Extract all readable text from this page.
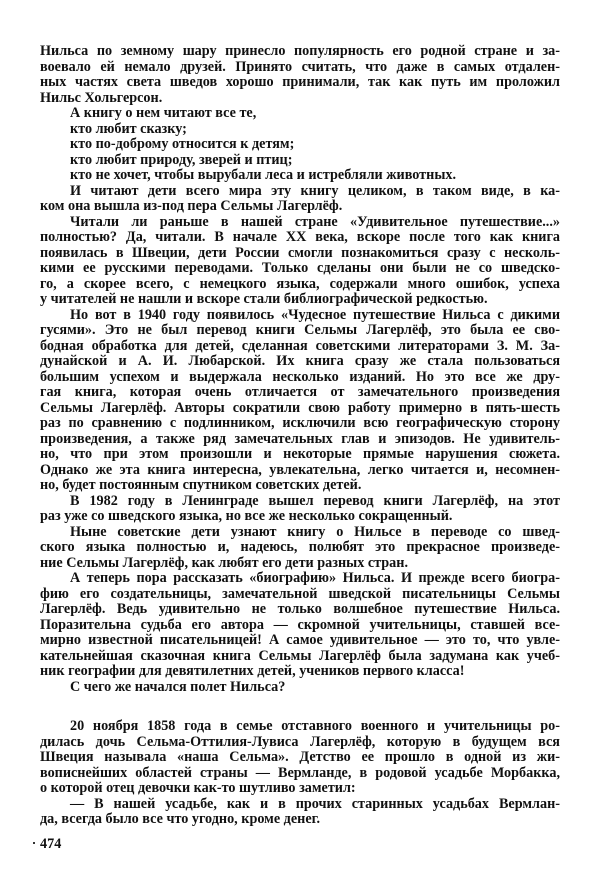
Нильса по земному шару принесло популярность его родной стране и за-
воевало ей немало друзей. Принято считать, что даже в самых отдален-
ных частях света шведов хорошо принимали, так как путь им проложил
Нильс Хольгерсон.
А книгу о нем читают все те,
кто любит сказку;
кто по-доброму относится к детям;
кто любит природу, зверей и птиц;
кто не хочет, чтобы вырубали леса и истребляли животных.
И читают дети всего мира эту книгу целиком, в таком виде, в ка-
ком она вышла из-под пера Сельмы Лагерлёф.
Читали ли раньше в нашей стране «Удивительное путешествие...»
полностью? Да, читали. В начале XX века, вскоре после того как книга
появилась в Швеции, дети России смогли познакомиться сразу с несколь-
кими ее русскими переводами. Только сделаны они были не со шведско-
го, а скорее всего, с немецкого языка, содержали много ошибок, успеха
у читателей не нашли и вскоре стали библиографической редкостью.
Но вот в 1940 году появилось «Чудесное путешествие Нильса с дикими
гусями». Это не был перевод книги Сельмы Лагерлёф, это была ее сво-
бодная обработка для детей, сделанная советскими литераторами З. М. За-
дунайской и А. И. Любарской. Их книга сразу же стала пользоваться
большим успехом и выдержала несколько изданий. Но это все же дру-
гая книга, которая очень отличается от замечательного произведения
Сельмы Лагерлёф. Авторы сократили свою работу примерно в пять-шесть
раз по сравнению с подлинником, исключили всю географическую сторону
произведения, а также ряд замечательных глав и эпизодов. Не удивитель-
но, что при этом произошли и некоторые прямые нарушения сюжета.
Однако же эта книга интересна, увлекательна, легко читается и, несомнен-
но, будет постоянным спутником советских детей.
В 1982 году в Ленинграде вышел перевод книги Лагерлёф, на этот
раз уже со шведского языка, но все же несколько сокращенный.
Ныне советские дети узнают книгу о Нильсе в переводе со швед-
ского языка полностью и, надеюсь, полюбят это прекрасное произведе-
ние Сельмы Лагерлёф, как любят его дети разных стран.
А теперь пора рассказать «биографию» Нильса. И прежде всего биогра-
фию его создательницы, замечательной шведской писательницы Сельмы
Лагерлёф. Ведь удивительно не только волшебное путешествие Нильса.
Поразительна судьба его автора — скромной учительницы, ставшей все-
мирно известной писательницей! А самое удивительное — это то, что увле-
кательнейшая сказочная книга Сельмы Лагерлёф была задумана как учеб-
ник географии для девятилетних детей, учеников первого класса!
С чего же начался полет Нильса?
20 ноября 1858 года в семье отставного военного и учительницы ро-
дилась дочь Сельма-Оттилия-Лувиса Лагерлёф, которую в будущем вся
Швеция называла «наша Сельма». Детство ее прошло в одной из жи-
вописнейших областей страны — Вермланде, в родовой усадьбе Морбакка,
о которой отец девочки как-то шутливо заметил:
— В нашей усадьбе, как и в прочих старинных усадьбах Вермлан-
да, всегда было все что угодно, кроме денег.
474
